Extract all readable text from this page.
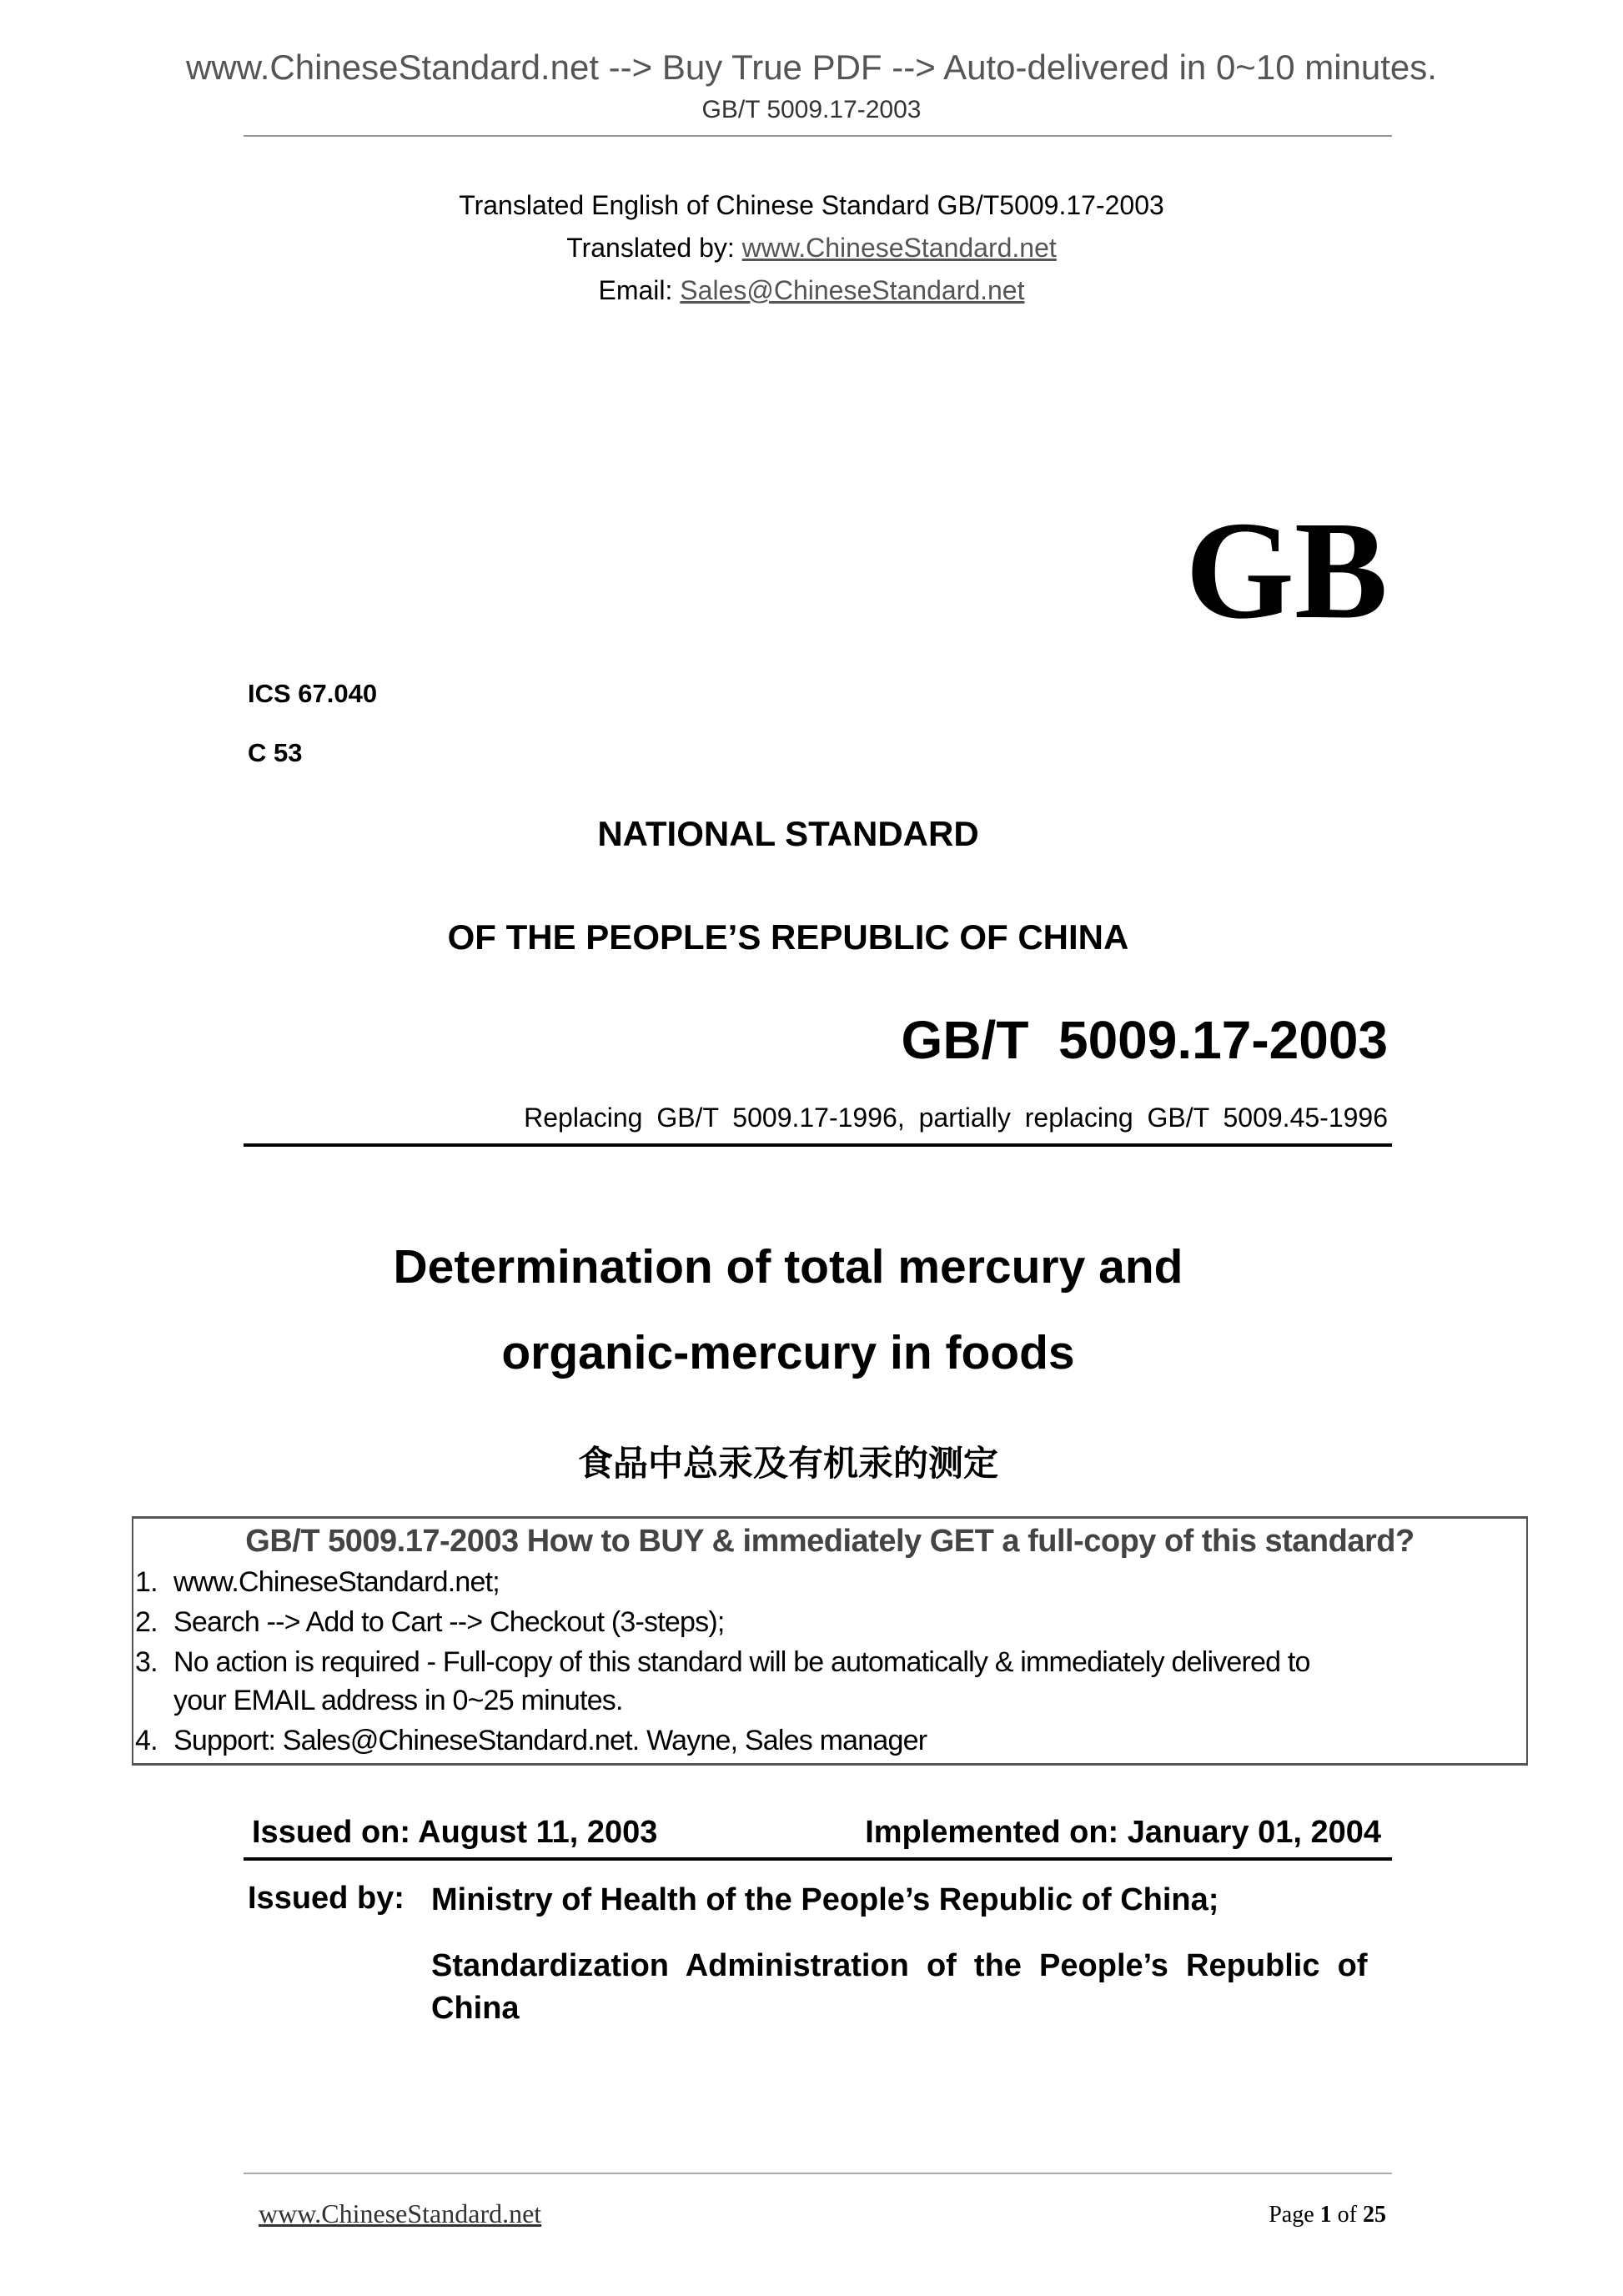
www.ChineseStandard.net --> Buy True PDF --> Auto-delivered in 0~10 minutes.
GB/T 5009.17-2003
Translated English of Chinese Standard GB/T5009.17-2003
Translated by: www.ChineseStandard.net
Email: Sales@ChineseStandard.net
GB
ICS 67.040
C 53
NATIONAL STANDARD
OF THE PEOPLE’S REPUBLIC OF CHINA
GB/T  5009.17-2003
Replacing GB/T 5009.17-1996, partially replacing GB/T 5009.45-1996
Determination of total mercury and
organic-mercury in foods
食品中总汞及有机汞的测定
GB/T 5009.17-2003 How to BUY & immediately GET a full-copy of this standard?
1. www.ChineseStandard.net;
2. Search --> Add to Cart --> Checkout (3-steps);
3. No action is required - Full-copy of this standard will be automatically & immediately delivered to
your EMAIL address in 0~25 minutes.
4. Support: Sales@ChineseStandard.net. Wayne, Sales manager
Issued on: August 11, 2003	Implemented on: January 01, 2004
Issued by: Ministry of Health of the People’s Republic of China;
Standardization  Administration  of  the  People’s  Republic  of
China
www.ChineseStandard.net	Page 1 of 25
